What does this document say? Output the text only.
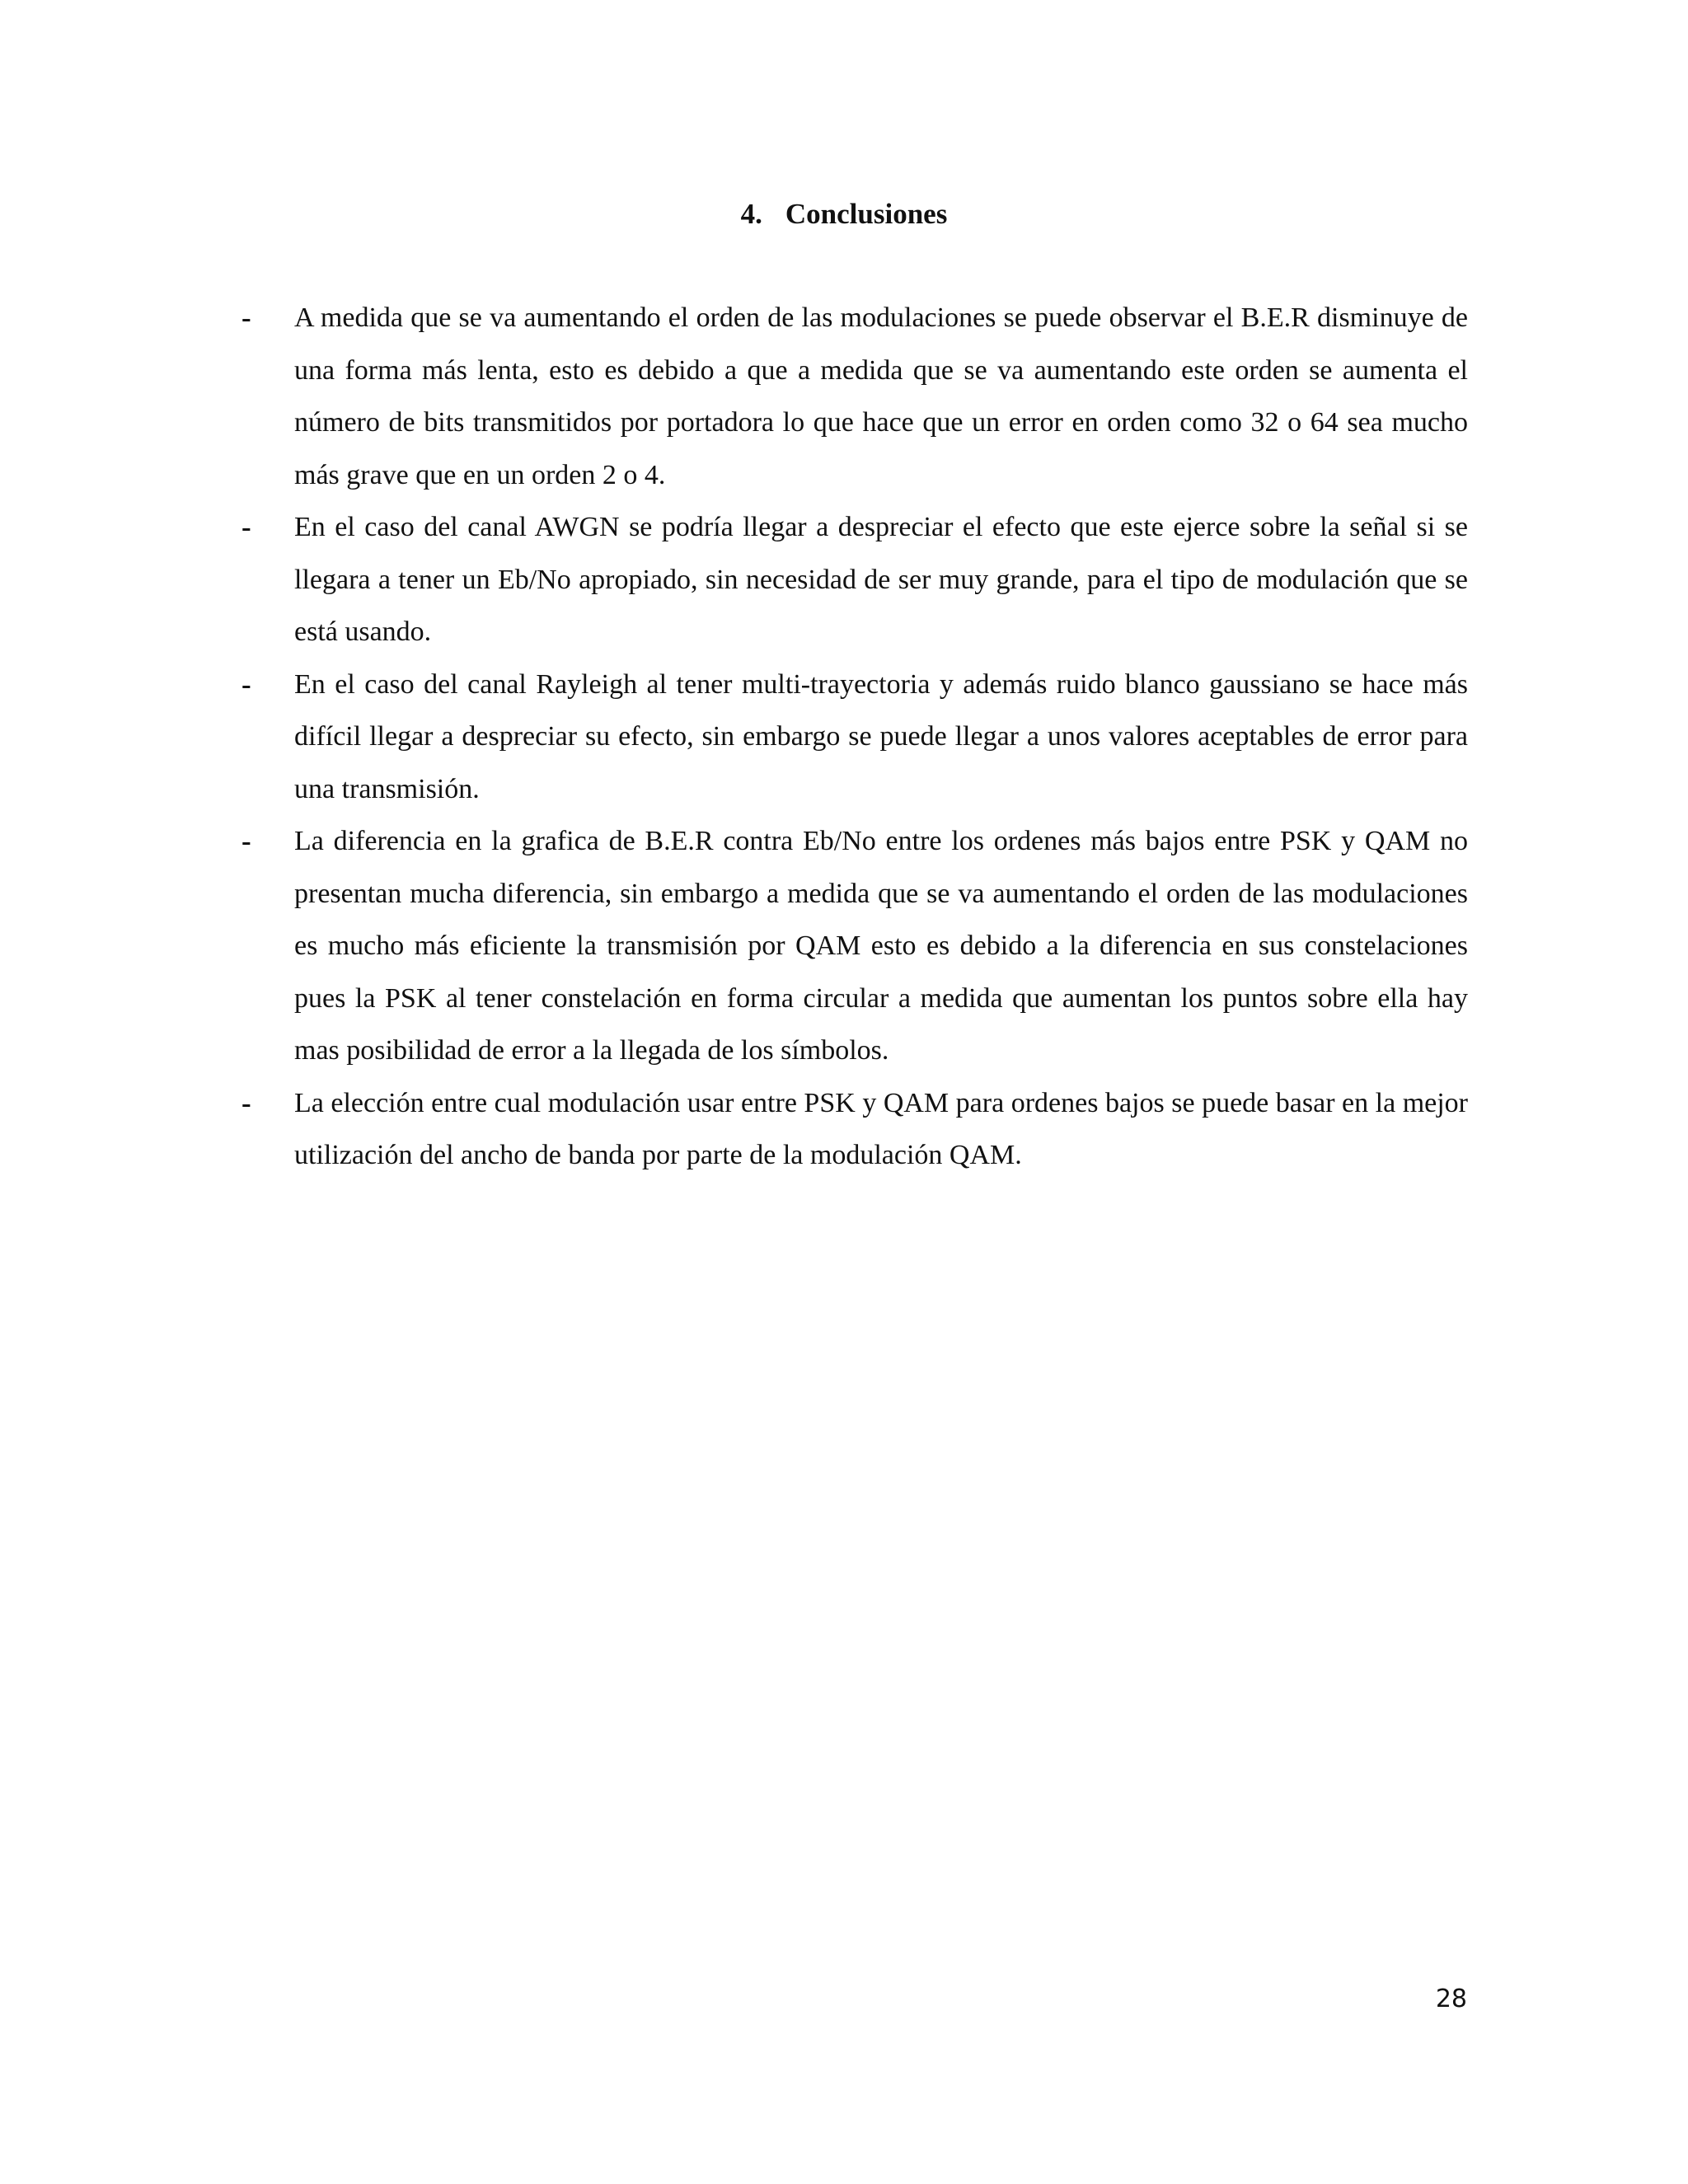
4. Conclusiones
-	A medida que se va aumentando el orden de las modulaciones se puede observar el B.E.R disminuye de una forma más lenta, esto es debido a que a medida que se va aumentando este orden se aumenta el número de bits transmitidos por portadora lo que hace que un error en orden como 32 o 64 sea mucho más grave que en un orden 2 o 4.
-	En el caso del canal AWGN se podría llegar a despreciar el efecto que este ejerce sobre la señal si se llegara a tener un Eb/No apropiado, sin necesidad de ser muy grande, para el tipo de modulación que se está usando.
-	En el caso del canal Rayleigh al tener multi-trayectoria y además ruido blanco gaussiano se hace más difícil llegar a despreciar su efecto, sin embargo se puede llegar a unos valores aceptables de error para una transmisión.
-	La diferencia en la grafica de B.E.R contra Eb/No entre los ordenes más bajos entre PSK y QAM no presentan mucha diferencia, sin embargo a medida que se va aumentando el orden de las modulaciones es mucho más eficiente la transmisión por QAM esto es debido a la diferencia en sus constelaciones pues la PSK al tener constelación en forma circular a medida que aumentan los puntos sobre ella hay mas posibilidad de error a la llegada de los símbolos.
-	La elección entre cual modulación usar entre PSK y QAM para ordenes bajos se puede basar en la mejor utilización del ancho de banda por parte de la modulación QAM.

28
